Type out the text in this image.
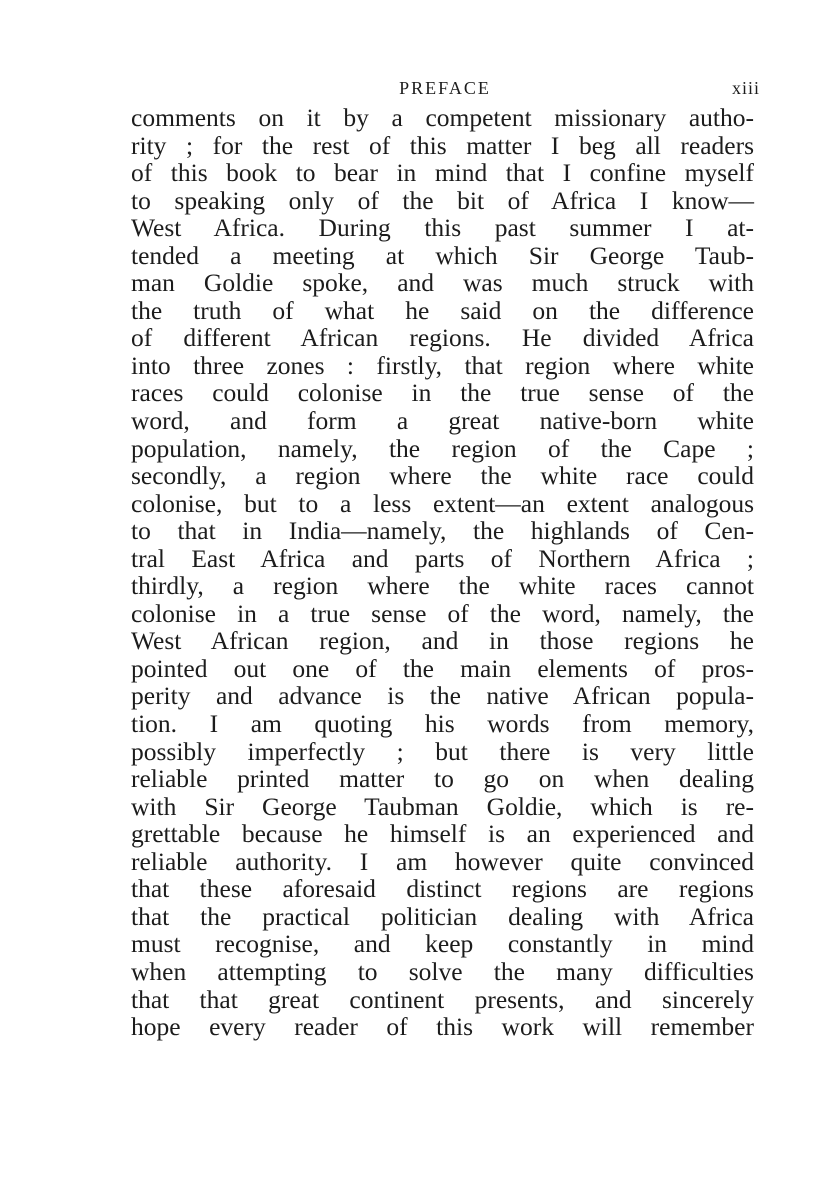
PREFACE	xiii
comments on it by a competent missionary autho-
rity ; for the rest of this matter I beg all readers
of this book to bear in mind that I confine myself
to speaking only of the bit of Africa I know—
West Africa. During this past summer I at-
tended a meeting at which Sir George Taub-
man Goldie spoke, and was much struck with
the truth of what he said on the difference
of different African regions. He divided Africa
into three zones : firstly, that region where white
races could colonise in the true sense of the
word, and form a great native-born white
population, namely, the region of the Cape ;
secondly, a region where the white race could
colonise, but to a less extent—an extent analogous
to that in India—namely, the highlands of Cen-
tral East Africa and parts of Northern Africa ;
thirdly, a region where the white races cannot
colonise in a true sense of the word, namely, the
West African region, and in those regions he
pointed out one of the main elements of pros-
perity and advance is the native African popula-
tion. I am quoting his words from memory,
possibly imperfectly ; but there is very little
reliable printed matter to go on when dealing
with Sir George Taubman Goldie, which is re-
grettable because he himself is an experienced and
reliable authority. I am however quite convinced
that these aforesaid distinct regions are regions
that the practical politician dealing with Africa
must recognise, and keep constantly in mind
when attempting to solve the many difficulties
that that great continent presents, and sincerely
hope every reader of this work will remember
